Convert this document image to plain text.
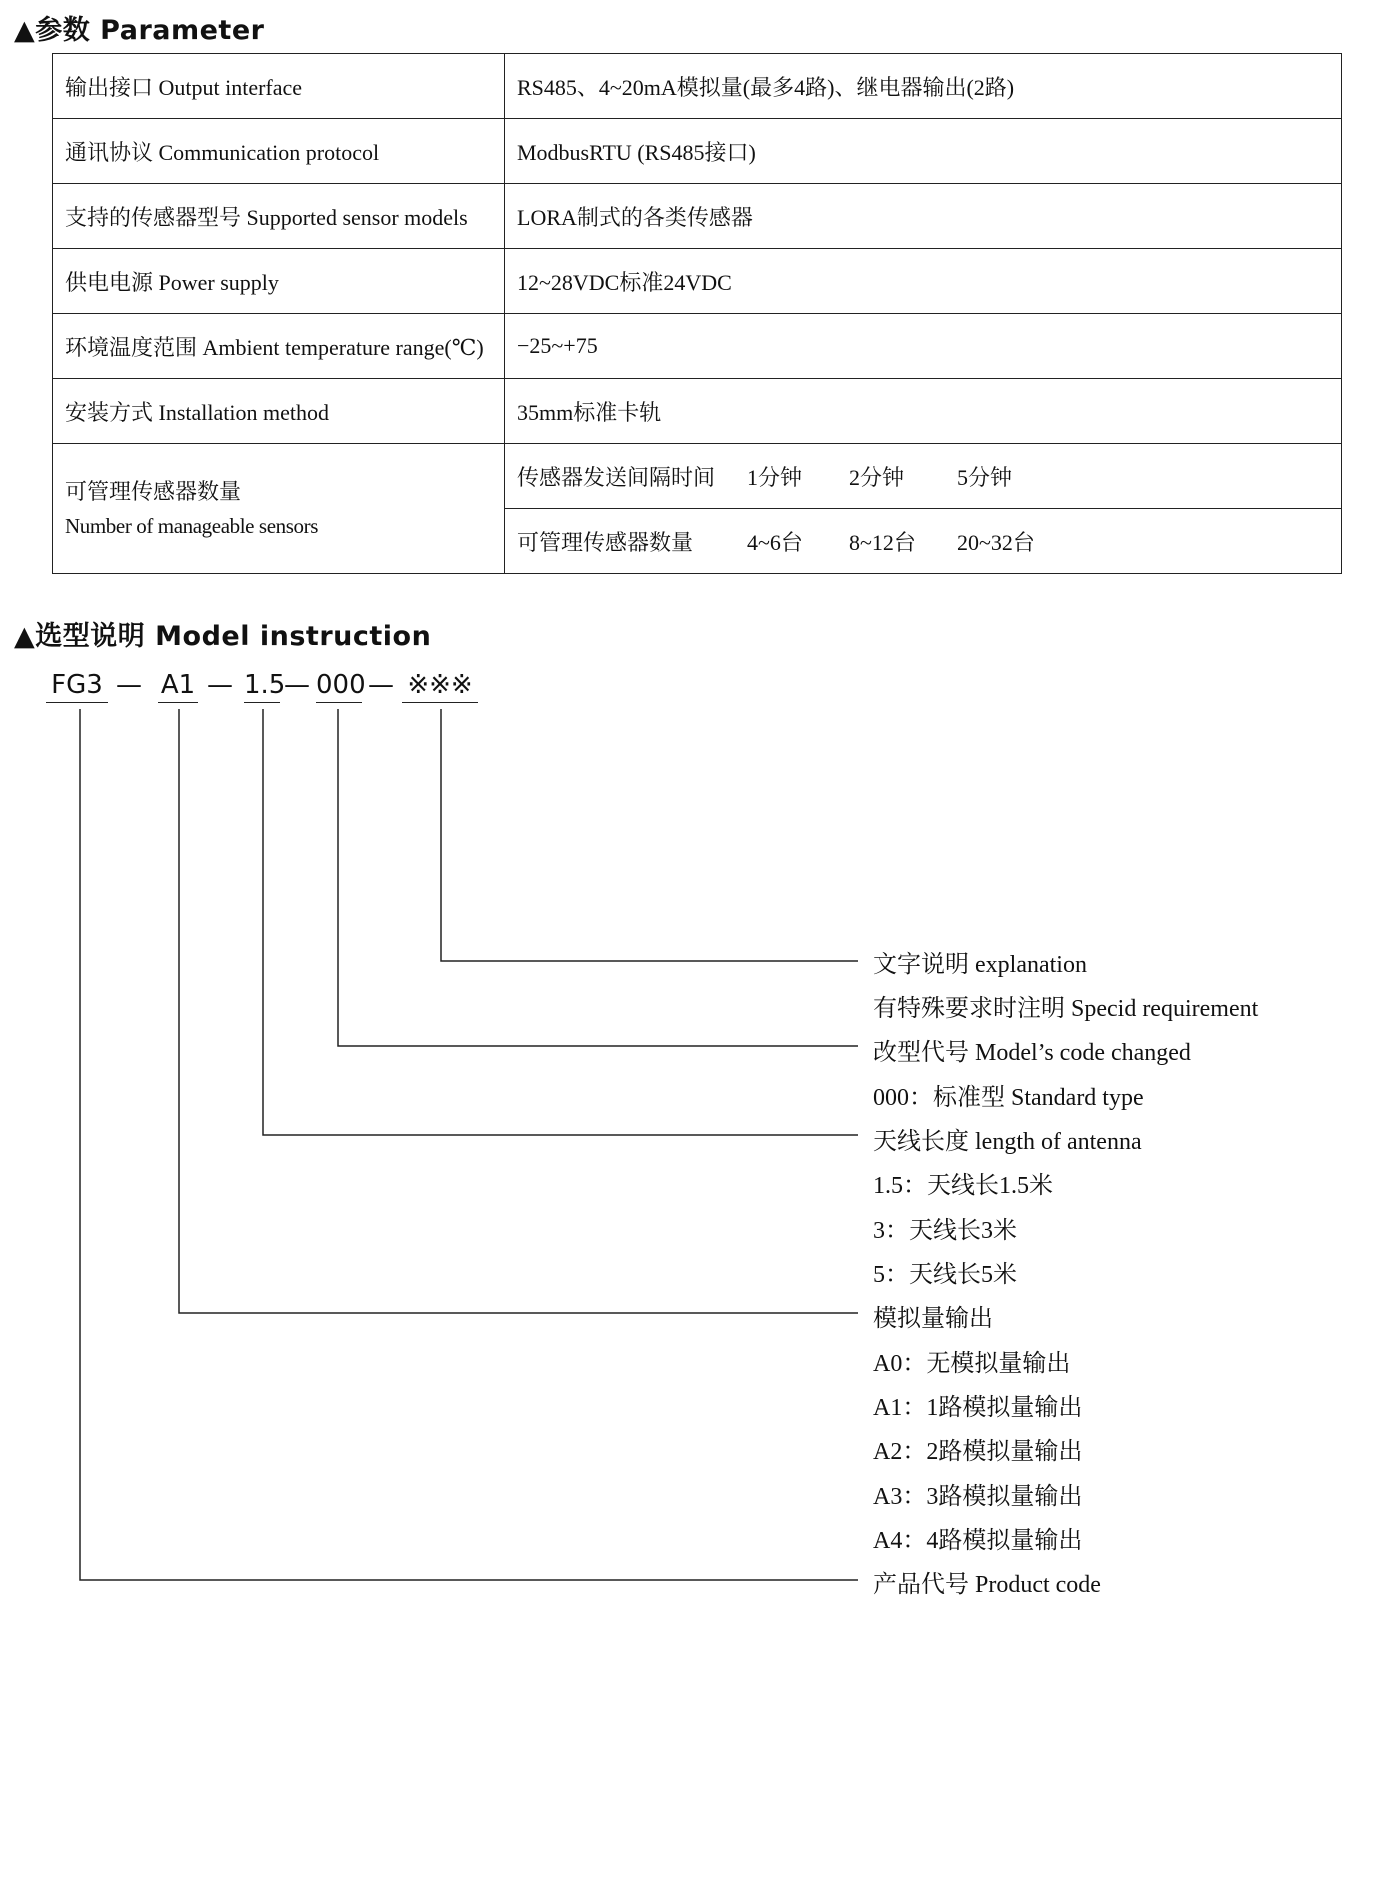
▲参数 Parameter
输出接口 Output interface	RS485、4~20mA模拟量(最多4路)、继电器输出(2路)
通讯协议 Communication protocol	ModbusRTU (RS485接口)
支持的传感器型号 Supported sensor models	LORA制式的各类传感器
供电电源 Power supply	12~28VDC标准24VDC
环境温度范围 Ambient temperature range(℃)	−25~+75
安装方式 Installation method	35mm标准卡轨

可管理传感器数量
Number of manageable sensors	传感器发送间隔时间 1分钟 2分钟 5分钟
	可管理传感器数量 4~6台 8~12台 20~32台
▲选型说明 Model instruction
FG3 — A1 — 1.5
— 000 — ※※※
文字说明 explanation
有特殊要求时注明 Specid requirement
改型代号 Model’s code changed
000：标准型 Standard type
天线长度 length of antenna
1.5：天线长1.5米
3：天线长3米
5：天线长5米
模拟量输出
A0：无模拟量输出
A1：1路模拟量输出
A2：2路模拟量输出
A3：3路模拟量输出
A4：4路模拟量输出
产品代号 Product code
